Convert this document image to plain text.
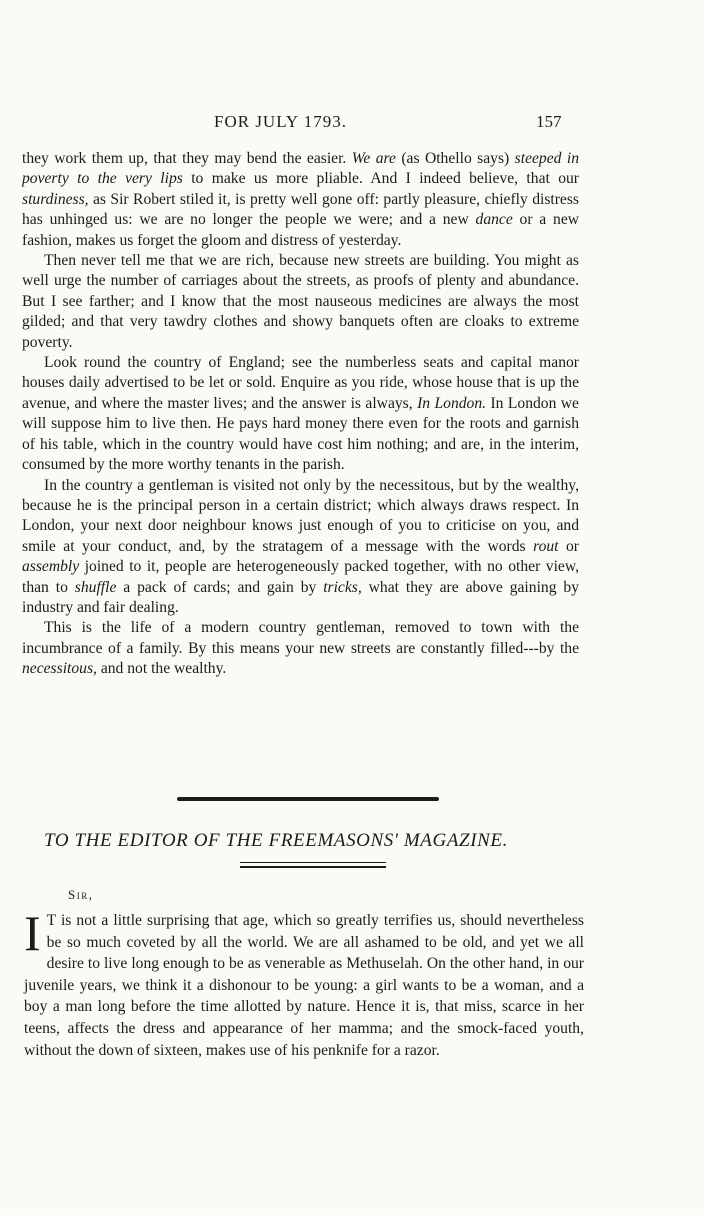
FOR JULY 1793.	157

they work them up, that they may bend the easier. We are (as Othello says) steeped in poverty to the very lips to make us more pliable. And I indeed believe, that our sturdiness, as Sir Robert stiled it, is pretty well gone off: partly pleasure, chiefly distress has unhinged us: we are no longer the people we were; and a new dance or a new fashion, makes us forget the gloom and distress of yesterday.

Then never tell me that we are rich, because new streets are building. You might as well urge the number of carriages about the streets, as proofs of plenty and abundance. But I see farther; and I know that the most nauseous medicines are always the most gilded; and that very tawdry clothes and showy banquets often are cloaks to extreme poverty.

Look round the country of England; see the numberless seats and capital manor houses daily advertised to be let or sold. Enquire as you ride, whose house that is up the avenue, and where the master lives; and the answer is always, In London. In London we will suppose him to live then. He pays hard money there even for the roots and garnish of his table, which in the country would have cost him nothing; and are, in the interim, consumed by the more worthy tenants in the parish.

In the country a gentleman is visited not only by the necessitous, but by the wealthy, because he is the principal person in a certain district; which always draws respect. In London, your next door neighbour knows just enough of you to criticise on you, and smile at your conduct, and, by the stratagem of a message with the words rout or assembly joined to it, people are heterogeneously packed together, with no other view, than to shuffle a pack of cards; and gain by tricks, what they are above gaining by industry and fair dealing.

This is the life of a modern country gentleman, removed to town with the incumbrance of a family. By this means your new streets are constantly filled---by the necessitous, and not the wealthy.

TO THE EDITOR OF THE FREEMASONS' MAGAZINE.
Sir,
I T is not a little surprising that age, which so greatly terrifies us, should nevertheless be so much coveted by all the world. We are all ashamed to be old, and yet we all desire to live long enough to be as venerable as Methuselah. On the other hand, in our juvenile years, we think it a dishonour to be young: a girl wants to be a woman, and a boy a man long before the time allotted by nature. Hence it is, that miss, scarce in her teens, affects the dress and appearance of her mamma; and the smock-faced youth, without the down of sixteen, makes use of his penknife for a razor.
